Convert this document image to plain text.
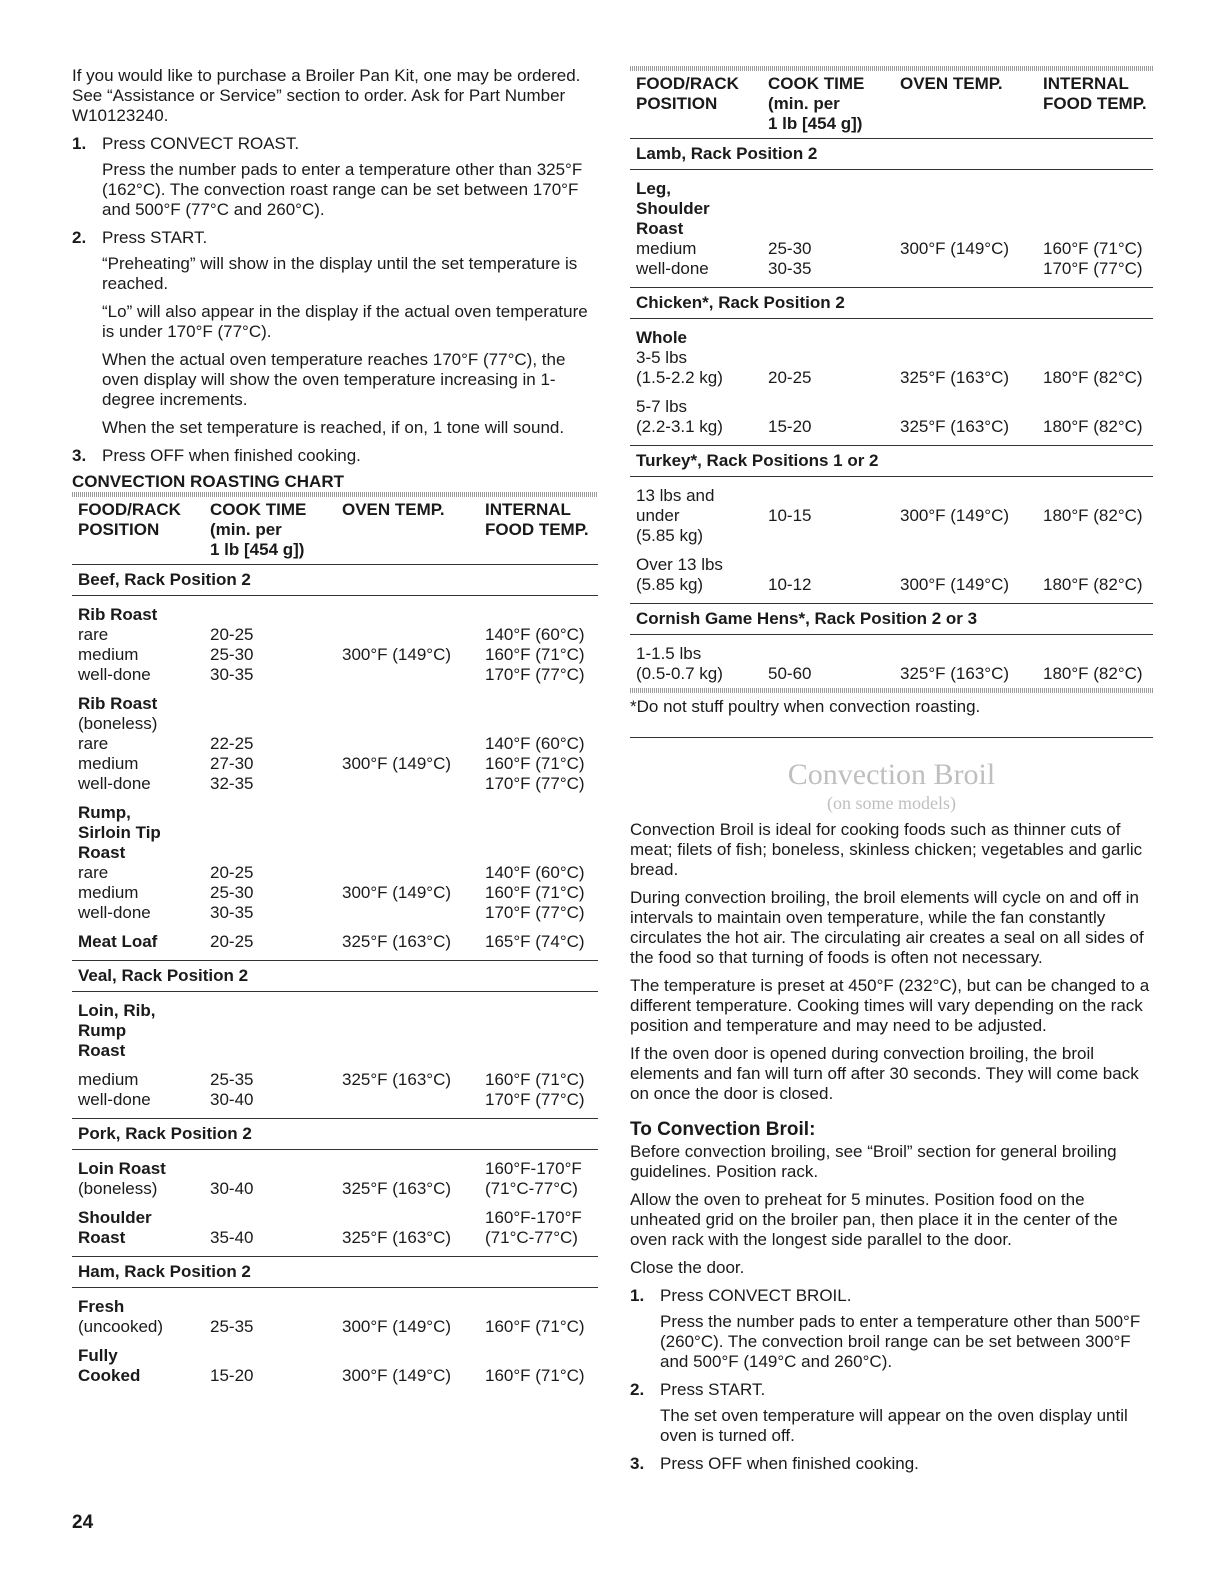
If you would like to purchase a Broiler Pan Kit, one may be ordered. See “Assistance or Service” section to order. Ask for Part Number W10123240.

1. Press CONVECT ROAST.

Press the number pads to enter a temperature other than 325°F (162°C). The convection roast range can be set between 170°F and 500°F (77°C and 260°C).

2. Press START.

“Preheating” will show in the display until the set temperature is reached.

“Lo” will also appear in the display if the actual oven temperature is under 170°F (77°C).

When the actual oven temperature reaches 170°F (77°C), the oven display will show the oven temperature increasing in 1-degree increments.

When the set temperature is reached, if on, 1 tone will sound.

3. Press OFF when finished cooking.
CONVECTION ROASTING CHART
FOOD/RACK
POSITION	COOK TIME
(min. per
1 lb [454 g])	OVEN TEMP.	INTERNAL
FOOD TEMP.
Beef, Rack Position 2			
Rib Roast			
rare	20-25		140°F (60°C)
medium	25-30	300°F (149°C)	160°F (71°C)
well-done	30-35		170°F (77°C)
Rib Roast			
(boneless)			
rare	22-25		140°F (60°C)
medium	27-30	300°F (149°C)	160°F (71°C)
well-done	32-35		170°F (77°C)
Rump,			
Sirloin Tip			
Roast			
rare	20-25		140°F (60°C)
medium	25-30	300°F (149°C)	160°F (71°C)
well-done	30-35		170°F (77°C)
Meat Loaf	20-25	325°F (163°C)	165°F (74°C)
Veal, Rack Position 2			
Loin, Rib,			
Rump			
Roast			
medium	25-35	325°F (163°C)	160°F (71°C)
well-done	30-40		170°F (77°C)
Pork, Rack Position 2			
Loin Roast			160°F-170°F
(boneless)	30-40	325°F (163°C)	(71°C-77°C)
Shoulder			160°F-170°F
Roast	35-40	325°F (163°C)	(71°C-77°C)
Ham, Rack Position 2			
Fresh			
(uncooked)	25-35	300°F (149°C)	160°F (71°C)
Fully			
Cooked	15-20	300°F (149°C)	160°F (71°C)
FOOD/RACK
POSITION	COOK TIME
(min. per
1 lb [454 g])	OVEN TEMP.	INTERNAL
FOOD TEMP.
Lamb, Rack Position 2			
Leg,			
Shoulder			
Roast			
medium	25-30	300°F (149°C)	160°F (71°C)
well-done	30-35		170°F (77°C)
Chicken*, Rack Position 2			
Whole			
3-5 lbs			
(1.5-2.2 kg)	20-25	325°F (163°C)	180°F (82°C)
5-7 lbs			
(2.2-3.1 kg)	15-20	325°F (163°C)	180°F (82°C)
Turkey*, Rack Positions 1 or 2			
13 lbs and			
under	10-15	300°F (149°C)	180°F (82°C)
(5.85 kg)			
Over 13 lbs			
(5.85 kg)	10-12	300°F (149°C)	180°F (82°C)
Cornish Game Hens*, Rack Position 2 or 3			
1-1.5 lbs			
(0.5-0.7 kg)	50-60	325°F (163°C)	180°F (82°C)

*Do not stuff poultry when convection roasting.

Convection Broil
(on some models)

Convection Broil is ideal for cooking foods such as thinner cuts of meat; filets of fish; boneless, skinless chicken; vegetables and garlic bread.

During convection broiling, the broil elements will cycle on and off in intervals to maintain oven temperature, while the fan constantly circulates the hot air. The circulating air creates a seal on all sides of the food so that turning of foods is often not necessary.

The temperature is preset at 450°F (232°C), but can be changed to a different temperature. Cooking times will vary depending on the rack position and temperature and may need to be adjusted.

If the oven door is opened during convection broiling, the broil elements and fan will turn off after 30 seconds. They will come back on once the door is closed.

To Convection Broil:

Before convection broiling, see “Broil” section for general broiling guidelines. Position rack.

Allow the oven to preheat for 5 minutes. Position food on the unheated grid on the broiler pan, then place it in the center of the oven rack with the longest side parallel to the door.

Close the door.

1. Press CONVECT BROIL.

Press the number pads to enter a temperature other than 500°F (260°C). The convection broil range can be set between 300°F and 500°F (149°C and 260°C).

2. Press START.

The set oven temperature will appear on the oven display until oven is turned off.

3. Press OFF when finished cooking.
24
